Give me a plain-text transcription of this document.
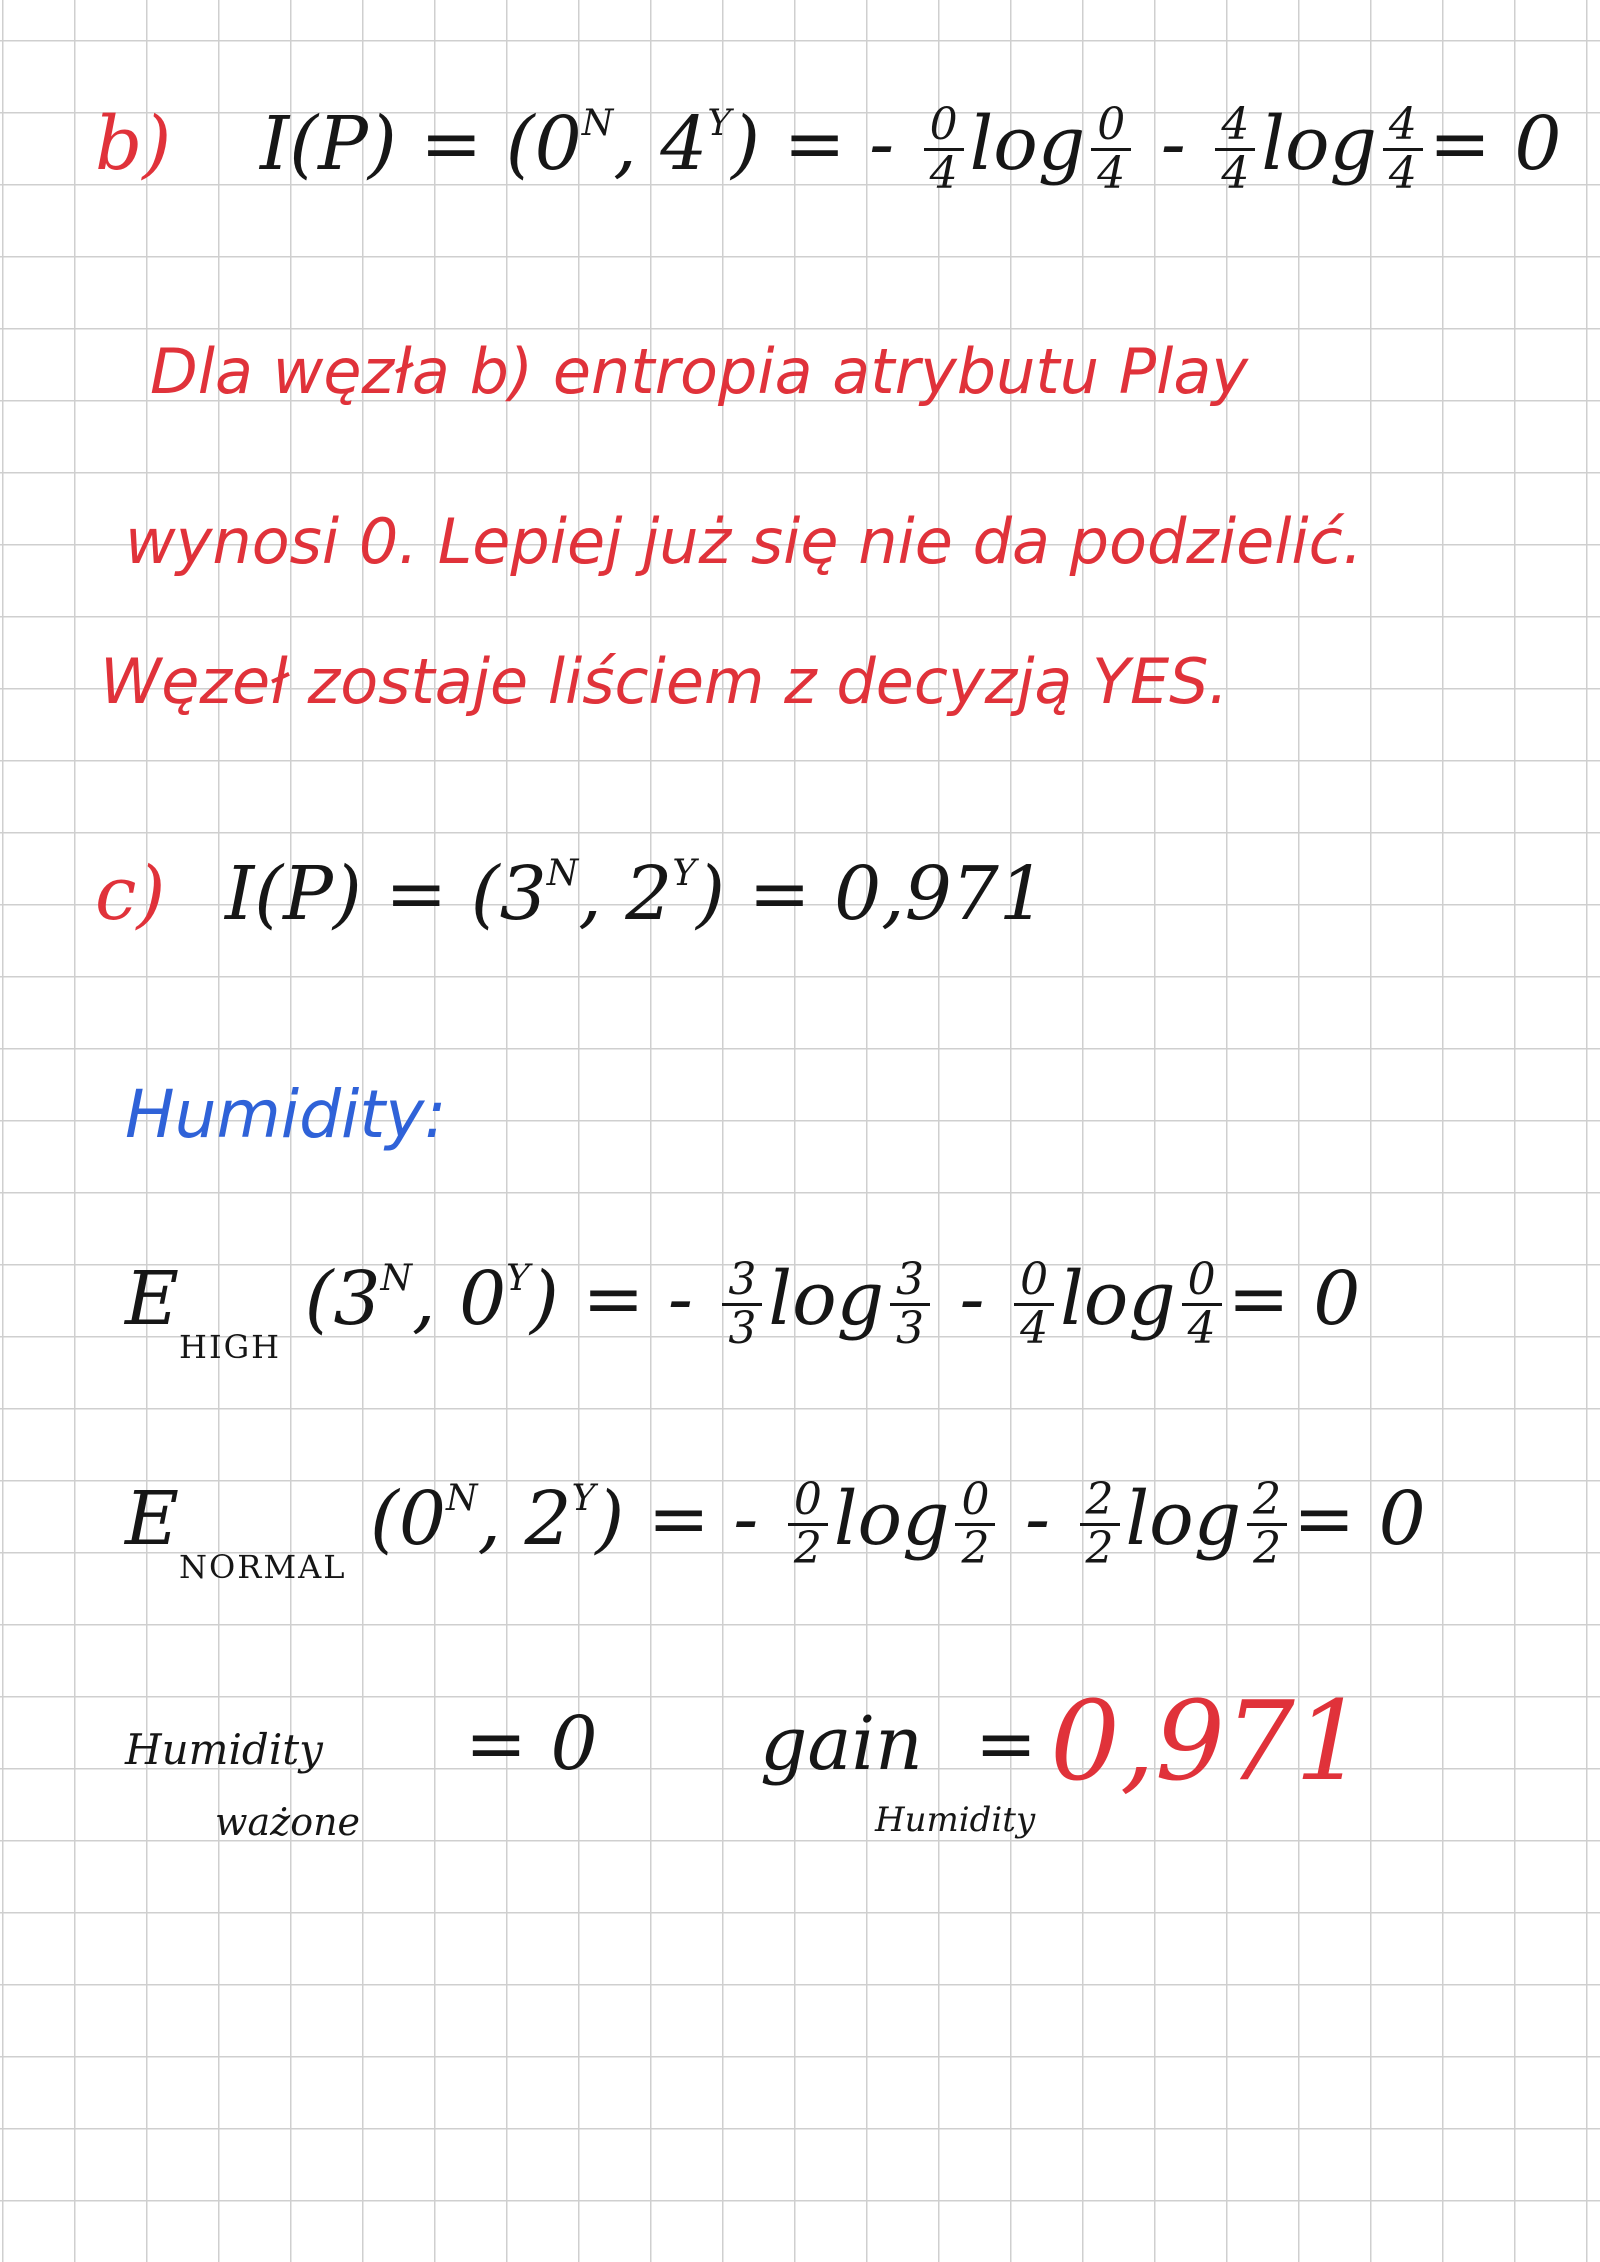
b) $I(P) = (0^N$, $4^Y$) = - $\frac{0}{4}$ $\log \frac{0}{4} - \frac{4}{4}$ $\log \frac{4}{4} = 0$
Dla węzła b) entropia atrybutu Play
wynosi 0. Lepiej już się nie da podzielić.
Węzeł zostaje liściem z decyzją YES.
c) $I(P) = (3^N$, $2^Y) = 0,971$
Humidity:
$E_{HIGH}$ ($3^N$, $0^Y$) = - $\frac{3}{3}$ $\log \frac{3}{3} - \frac{0}{4}$ $\log \frac{0}{4} = 0$
$E_{NORMAL}$ ($0^N$, $2^Y$) = - $\frac{0}{2}$ $\log \frac{0}{2} - \frac{2}{2}$ $\log \frac{2}{2} = 0$
Humidity
ważone
= 0 gain
Humidity
= 0,971
